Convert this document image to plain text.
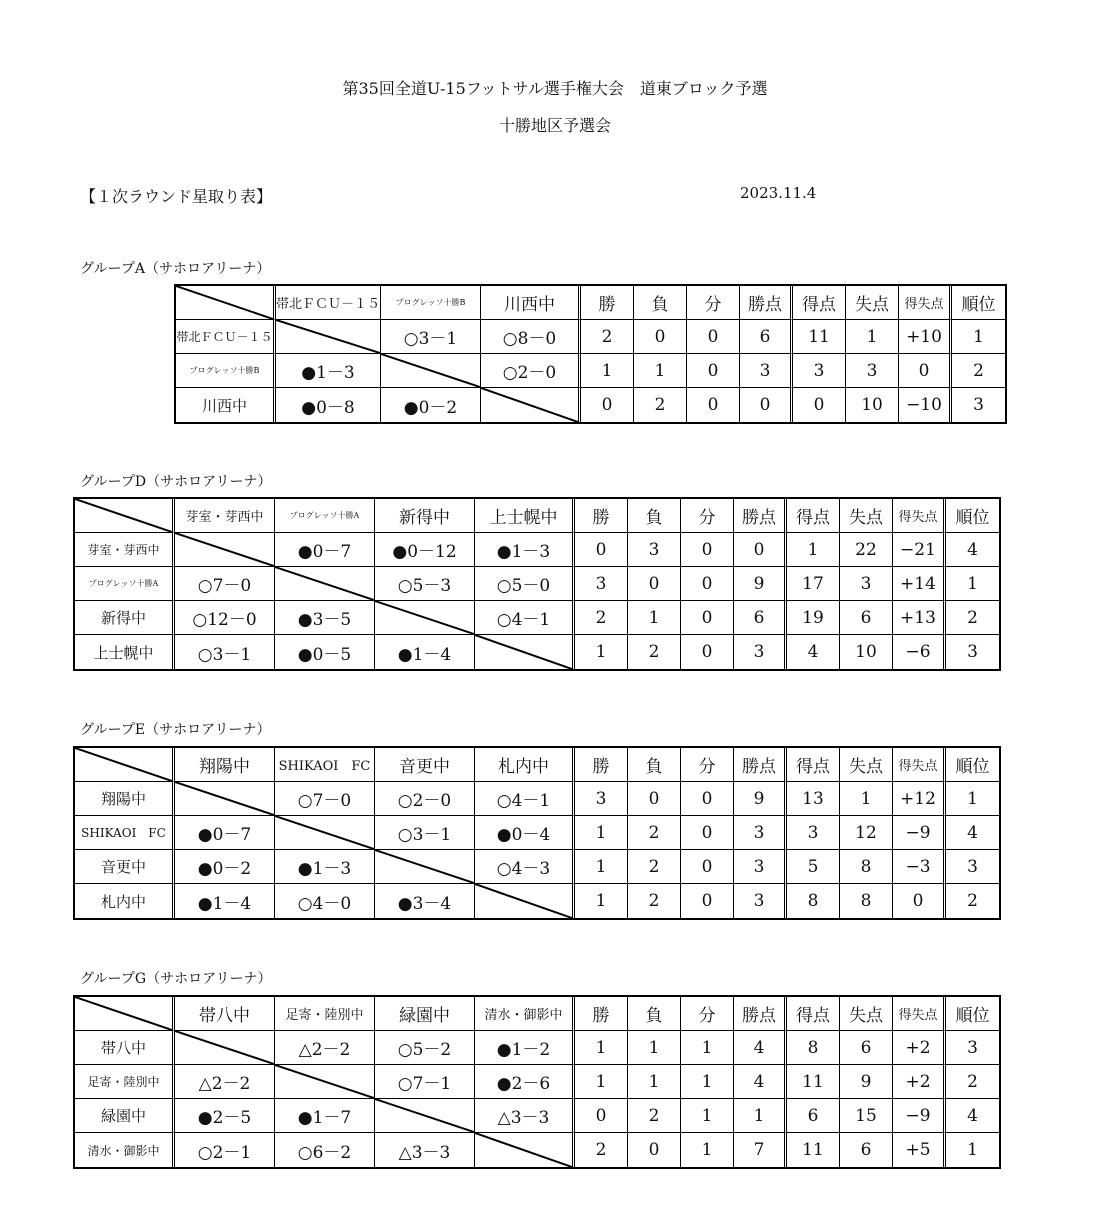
第35回全道U-15フットサル選手権大会　道東ブロック予選
十勝地区予選会
【１次ラウンド星取り表】	2023.11.4
グループA（サホロアリーナ）
	帯北ＦＣＵ－１５	プログレッソ十勝B	川西中	勝	負	分	勝点	得点	失点	得失点	順位
帯北ＦＣＵ－１５		○3－1	○8－0	2	0	0	6	11	1	+10	1
プログレッソ十勝B	●1－3		○2－0	1	1	0	3	3	3	0	2
川西中	●0－8	●0－2		0	2	0	0	0	10	−10	3
グループD（サホロアリーナ）
	芽室・芽西中	プログレッソ十勝A	新得中	上士幌中	勝	負	分	勝点	得点	失点	得失点	順位
芽室・芽西中		●0－7	●0－12	●1－3	0	3	0	0	1	22	−21	4
プログレッソ十勝A	○7－0		○5－3	○5－0	3	0	0	9	17	3	+14	1
新得中	○12－0	●3－5		○4－1	2	1	0	6	19	6	+13	2
上士幌中	○3－1	●0－5	●1－4		1	2	0	3	4	10	−6	3
グループE（サホロアリーナ）
	翔陽中	SHIKAOI　FC	音更中	札内中	勝	負	分	勝点	得点	失点	得失点	順位
翔陽中		○7－0	○2－0	○4－1	3	0	0	9	13	1	+12	1
SHIKAOI　FC	●0－7		○3－1	●0－4	1	2	0	3	3	12	−9	4
音更中	●0－2	●1－3		○4－3	1	2	0	3	5	8	−3	3
札内中	●1－4	○4－0	●3－4		1	2	0	3	8	8	0	2
グループG（サホロアリーナ）
	帯八中	足寄・陸別中	緑園中	清水・御影中	勝	負	分	勝点	得点	失点	得失点	順位
帯八中		△2－2	○5－2	●1－2	1	1	1	4	8	6	+2	3
足寄・陸別中	△2－2		○7－1	●2－6	1	1	1	4	11	9	+2	2
緑園中	●2－5	●1－7		△3－3	0	2	1	1	6	15	−9	4
清水・御影中	○2－1	○6－2	△3－3		2	0	1	7	11	6	+5	1
